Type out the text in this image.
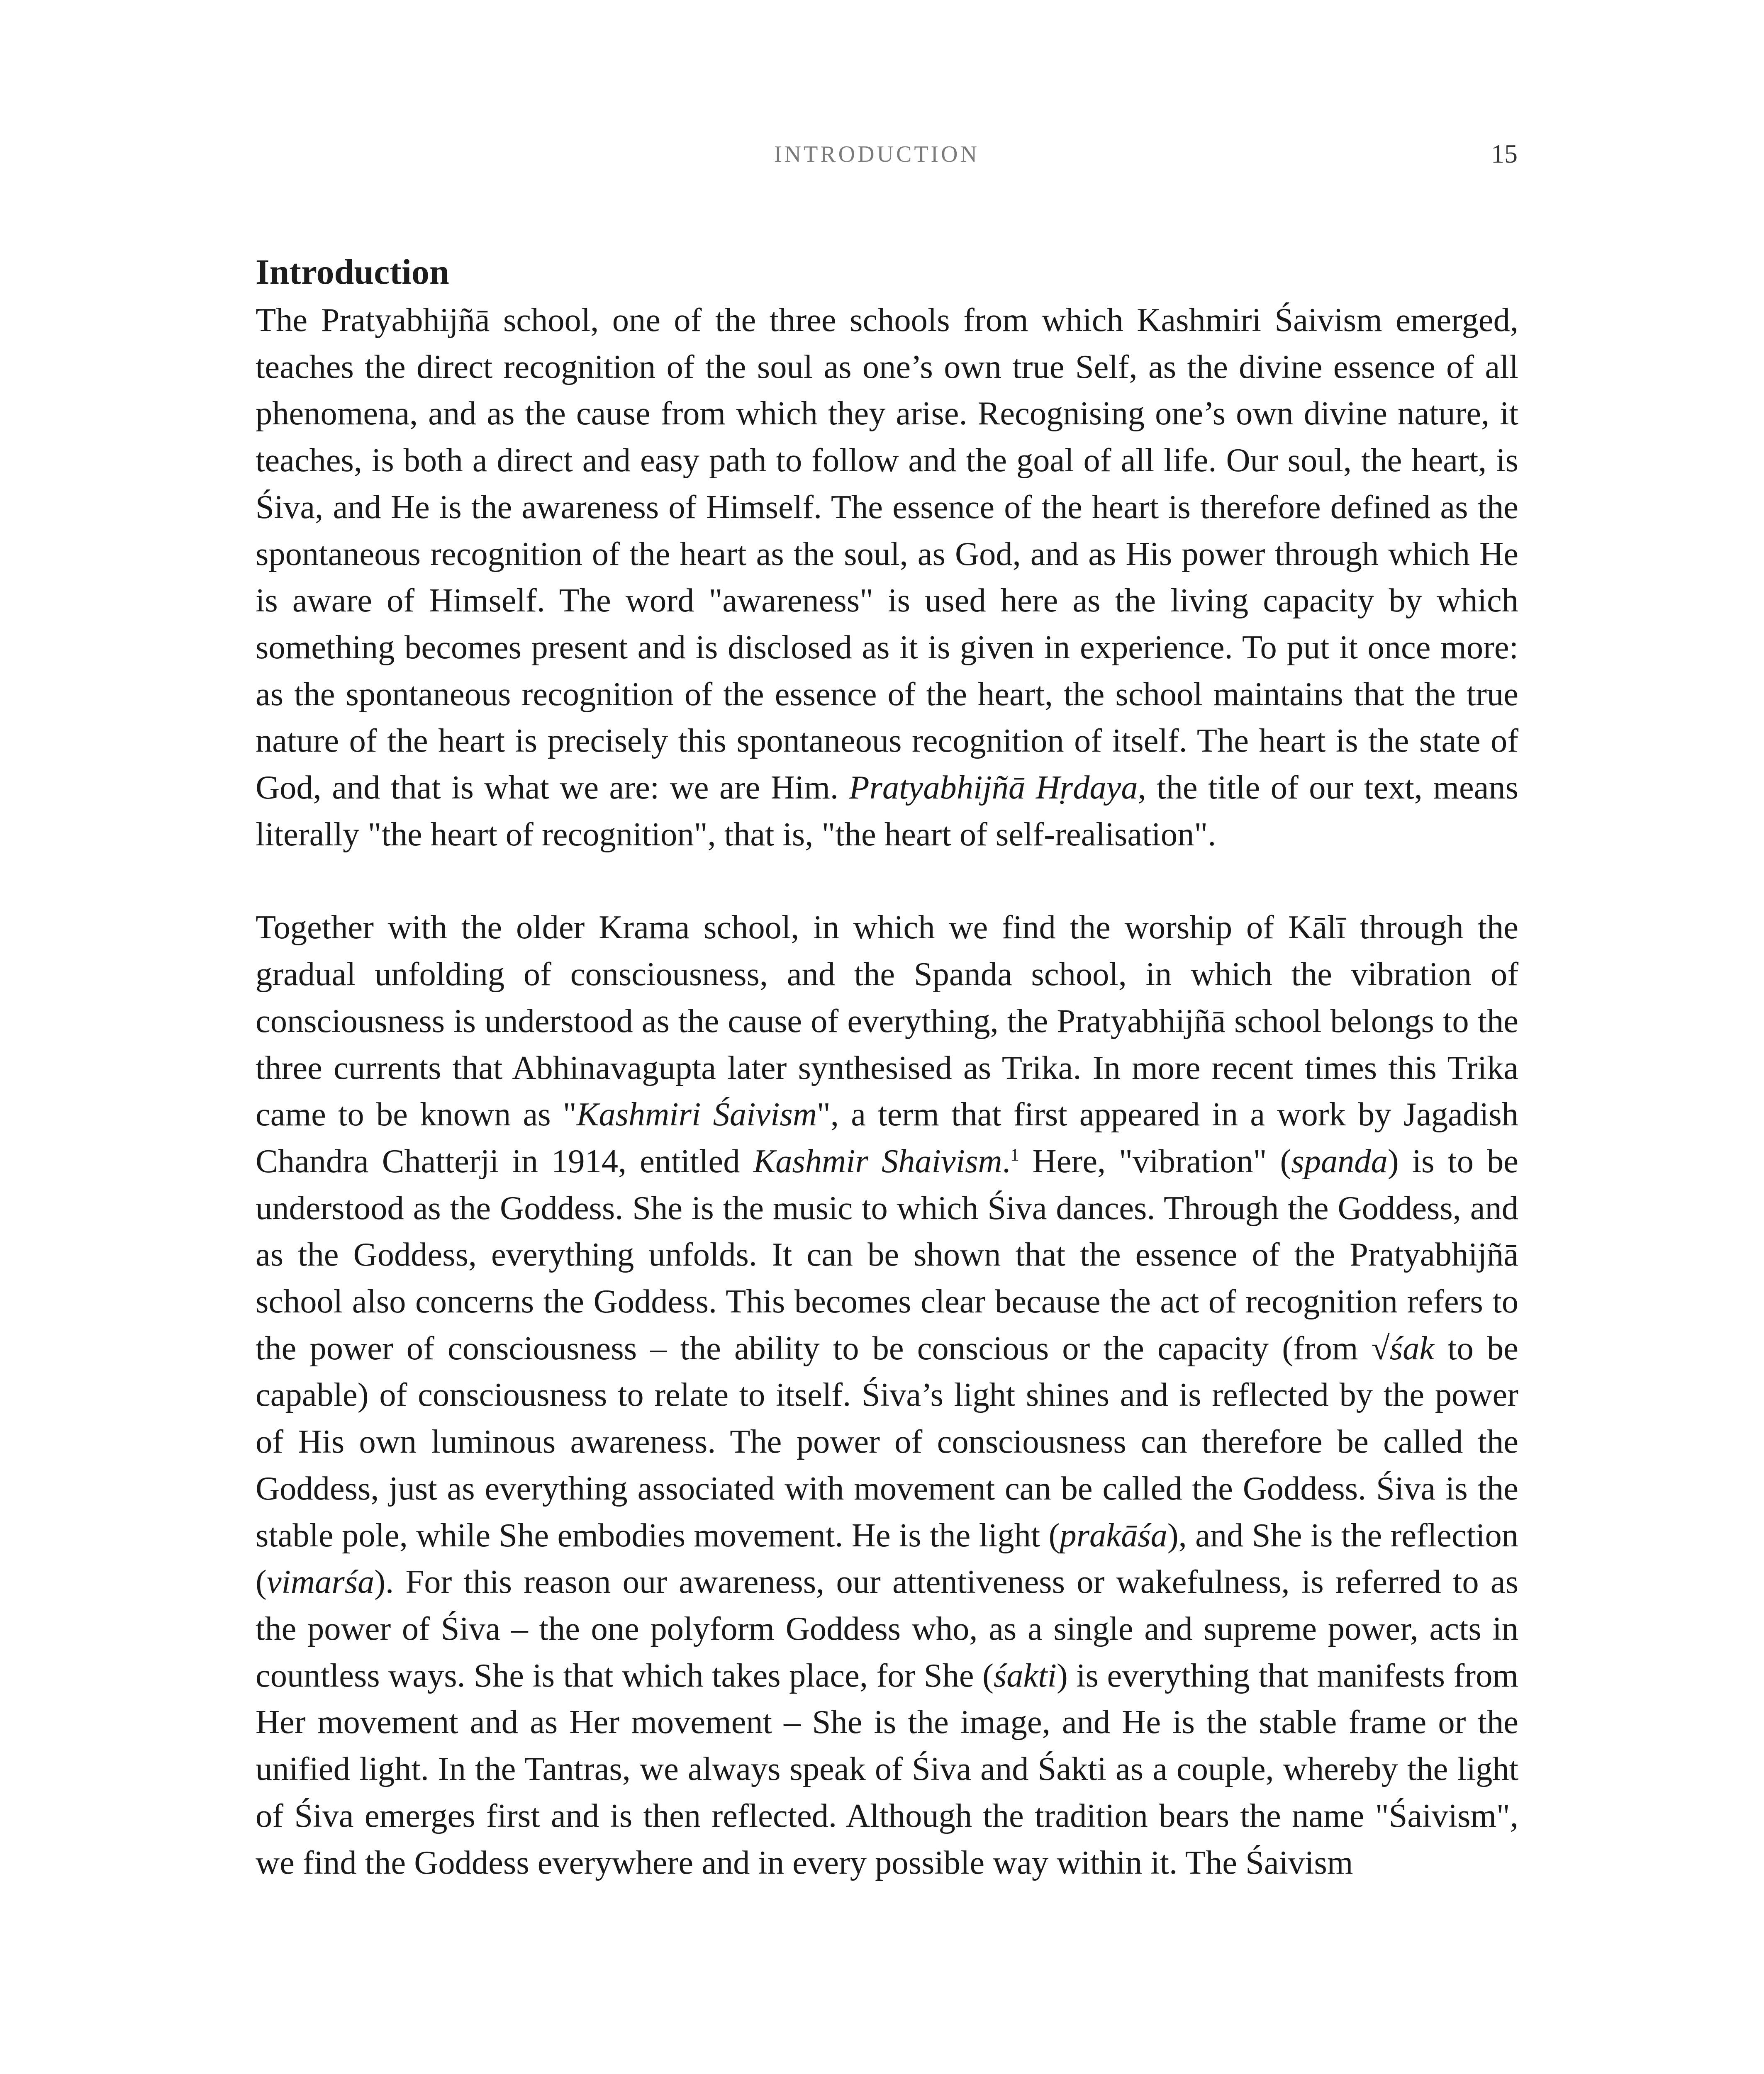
INTRODUCTION	15
Introduction

The Pratyabhijñā school, one of the three schools from which Kashmiri Śaivism emerged, teaches the direct recognition of the soul as one’s own true Self, as the divine essence of all phenomena, and as the cause from which they arise. Recognising one’s own divine nature, it teaches, is both a direct and easy path to follow and the goal of all life. Our soul, the heart, is Śiva, and He is the awareness of Himself. The essence of the heart is therefore defined as the spontaneous recognition of the heart as the soul, as God, and as His power through which He is aware of Himself. The word "awareness" is used here as the living capacity by which something becomes present and is disclosed as it is given in experience. To put it once more: as the spontaneous recognition of the essence of the heart, the school maintains that the true nature of the heart is precisely this spontaneous recognition of itself. The heart is the state of God, and that is what we are: we are Him. Pratyabhijñā Hṛdaya, the title of our text, means literally "the heart of recognition", that is, "the heart of self-realisation".

Together with the older Krama school, in which we find the worship of Kālī through the gradual unfolding of consciousness, and the Spanda school, in which the vibration of consciousness is understood as the cause of everything, the Pratyabhijñā school belongs to the three currents that Abhinavagupta later synthesised as Trika. In more recent times this Trika came to be known as "Kashmiri Śaivism", a term that first appeared in a work by Jagadish Chandra Chatterji in 1914, entitled Kashmir Shaivism.$^1$ Here, "vibration" (spanda) is to be understood as the Goddess. She is the music to which Śiva dances. Through the Goddess, and as the Goddess, everything unfolds. It can be shown that the essence of the Pratyabhijñā school also concerns the Goddess. This becomes clear because the act of recognition refers to the power of consciousness – the ability to be conscious or the capacity (from √śak to be capable) of consciousness to relate to itself. Śiva’s light shines and is reflected by the power of His own luminous awareness. The power of consciousness can therefore be called the Goddess, just as everything associated with movement can be called the Goddess. Śiva is the stable pole, while She embodies movement. He is the light (prakāśa), and She is the reflection (vimarśa). For this reason our awareness, our attentiveness or wakefulness, is referred to as the power of Śiva – the one polyform Goddess who, as a single and supreme power, acts in countless ways. She is that which takes place, for She (śakti) is everything that manifests from Her movement and as Her movement – She is the image, and He is the stable frame or the unified light. In the Tantras, we always speak of Śiva and Śakti as a couple, whereby the light of Śiva emerges first and is then reflected. Although the tradition bears the name "Śaivism", we find the Goddess everywhere and in every possible way within it. The Śaivism
